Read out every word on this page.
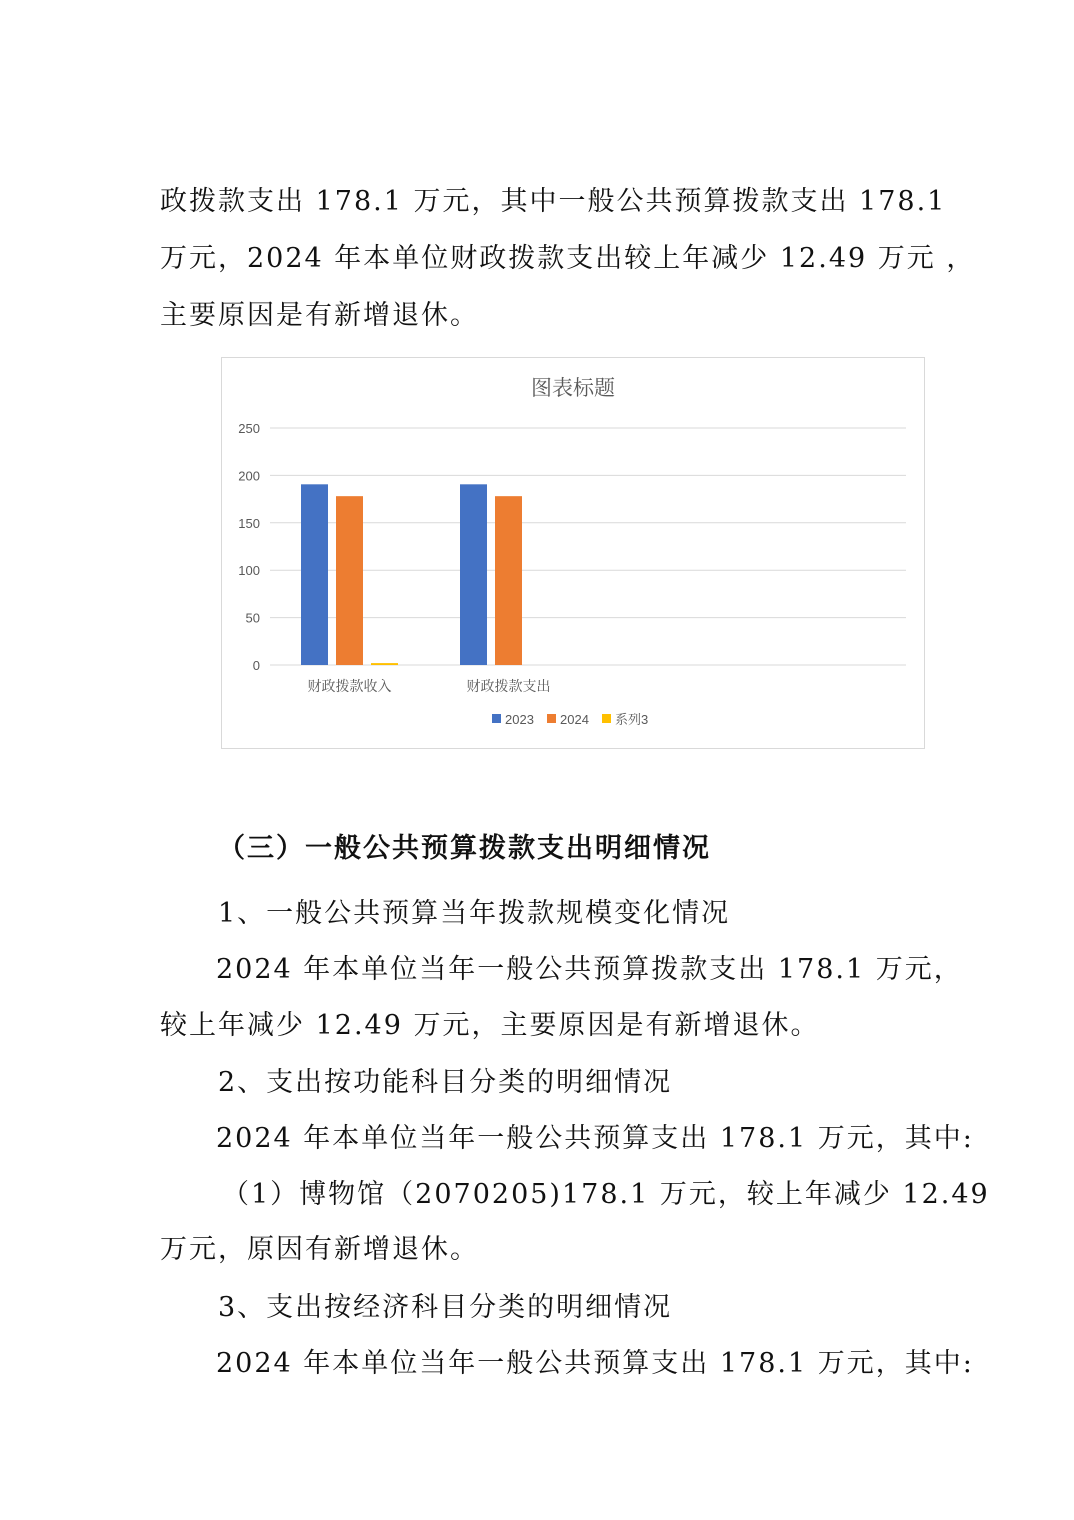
政拨款支出 178.1 万元，其中一般公共预算拨款支出 178.1
万元，2024 年本单位财政拨款支出较上年减少 12.49 万元 ，
主要原因是有新增退休。
图表标题
0
50
100
150
200
250
财政拨款收入	财政拨款支出
2023 2024 系列3
（三）一般公共预算拨款支出明细情况
1、一般公共预算当年拨款规模变化情况
2024 年本单位当年一般公共预算拨款支出 178.1 万元，
较上年减少 12.49 万元，主要原因是有新增退休。
2、支出按功能科目分类的明细情况
2024 年本单位当年一般公共预算支出 178.1 万元，其中:
（1）博物馆（2070205)178.1 万元，较上年减少 12.49
万元，原因有新增退休。
3、支出按经济科目分类的明细情况
2024 年本单位当年一般公共预算支出 178.1 万元，其中:
